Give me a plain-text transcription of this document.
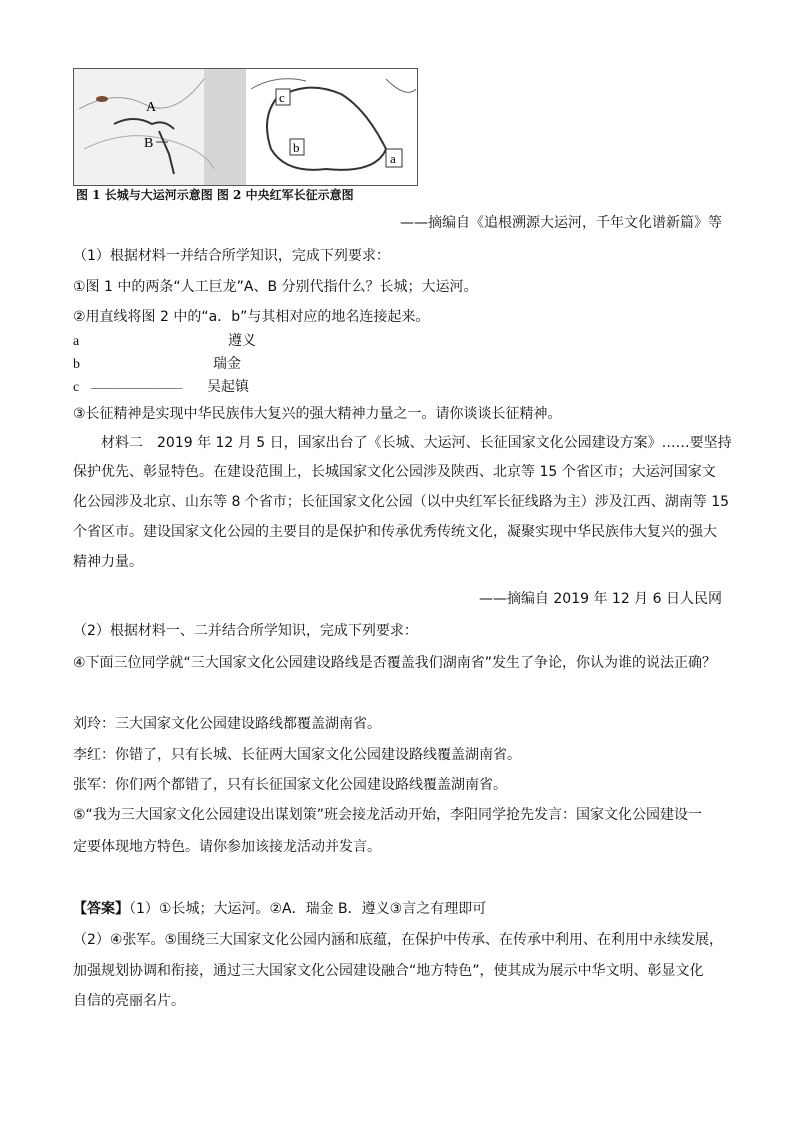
A
B
c
b
a
图 1 长城与大运河示意图 图 2 中央红军长征示意图
——摘编自《追根溯源大运河，千年文化谱新篇》等
（1）根据材料一并结合所学知识，完成下列要求：
①图 1 中的两条“人工巨龙”A、B 分别代指什么？长城；大运河。
②用直线将图 2 中的“a．b”与其相对应的地名连接起来。
a	遵义
b	瑞金
c ————————— 吴起镇
③长征精神是实现中华民族伟大复兴的强大精神力量之一。请你谈谈长征精神。
材料二　2019 年 12 月 5 日，国家出台了《长城、大运河、长征国家文化公园建设方案》……要坚持
保护优先、彰显特色。在建设范围上，长城国家文化公园涉及陕西、北京等 15 个省区市；大运河国家文
化公园涉及北京、山东等 8 个省市；长征国家文化公园（以中央红军长征线路为主）涉及江西、湖南等 15
个省区市。建设国家文化公园的主要目的是保护和传承优秀传统文化，凝聚实现中华民族伟大复兴的强大
精神力量。
——摘编自 2019 年 12 月 6 日人民网
（2）根据材料一、二并结合所学知识，完成下列要求：
④下面三位同学就“三大国家文化公园建设路线是否覆盖我们湖南省”发生了争论，你认为谁的说法正确？
刘玲：三大国家文化公园建设路线都覆盖湖南省。
李红：你错了，只有长城、长征两大国家文化公园建设路线覆盖湖南省。
张军：你们两个都错了，只有长征国家文化公园建设路线覆盖湖南省。
⑤“我为三大国家文化公园建设出谋划策”班会接龙活动开始，李阳同学抢先发言：国家文化公园建设一
定要体现地方特色。请你参加该接龙活动并发言。
【答案】（1）①长城；大运河。②A．瑞金 B．遵义③言之有理即可
（2）④张军。⑤围绕三大国家文化公园内涵和底蕴，在保护中传承、在传承中利用、在利用中永续发展，
加强规划协调和衔接，通过三大国家文化公园建设融合“地方特色”，使其成为展示中华文明、彰显文化
自信的亮丽名片。
